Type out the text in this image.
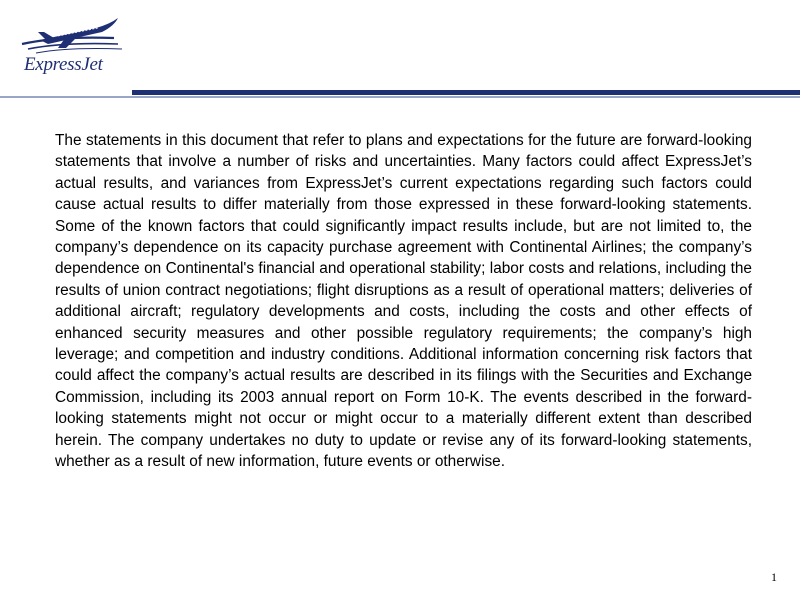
ExpressJet

The statements in this document that refer to plans and expectations for the future are forward-looking statements that involve a number of risks and uncertainties. Many factors could affect ExpressJet’s actual results, and variances from ExpressJet’s current expectations regarding such factors could cause actual results to differ materially from those expressed in these forward-looking statements. Some of the known factors that could significantly impact results include, but are not limited to, the company’s dependence on its capacity purchase agreement with Continental Airlines; the company’s dependence on Continental's financial and operational stability; labor costs and relations, including the results of union contract negotiations; flight disruptions as a result of operational matters; deliveries of additional aircraft; regulatory developments and costs, including the costs and other effects of enhanced security measures and other possible regulatory requirements; the company’s high leverage; and competition and industry conditions. Additional information concerning risk factors that could affect the company’s actual results are described in its filings with the Securities and Exchange Commission, including its 2003 annual report on Form 10-K. The events described in the forward-looking statements might not occur or might occur to a materially different extent than described herein. The company undertakes no duty to update or revise any of its forward-looking statements, whether as a result of new information, future events or otherwise.

1
